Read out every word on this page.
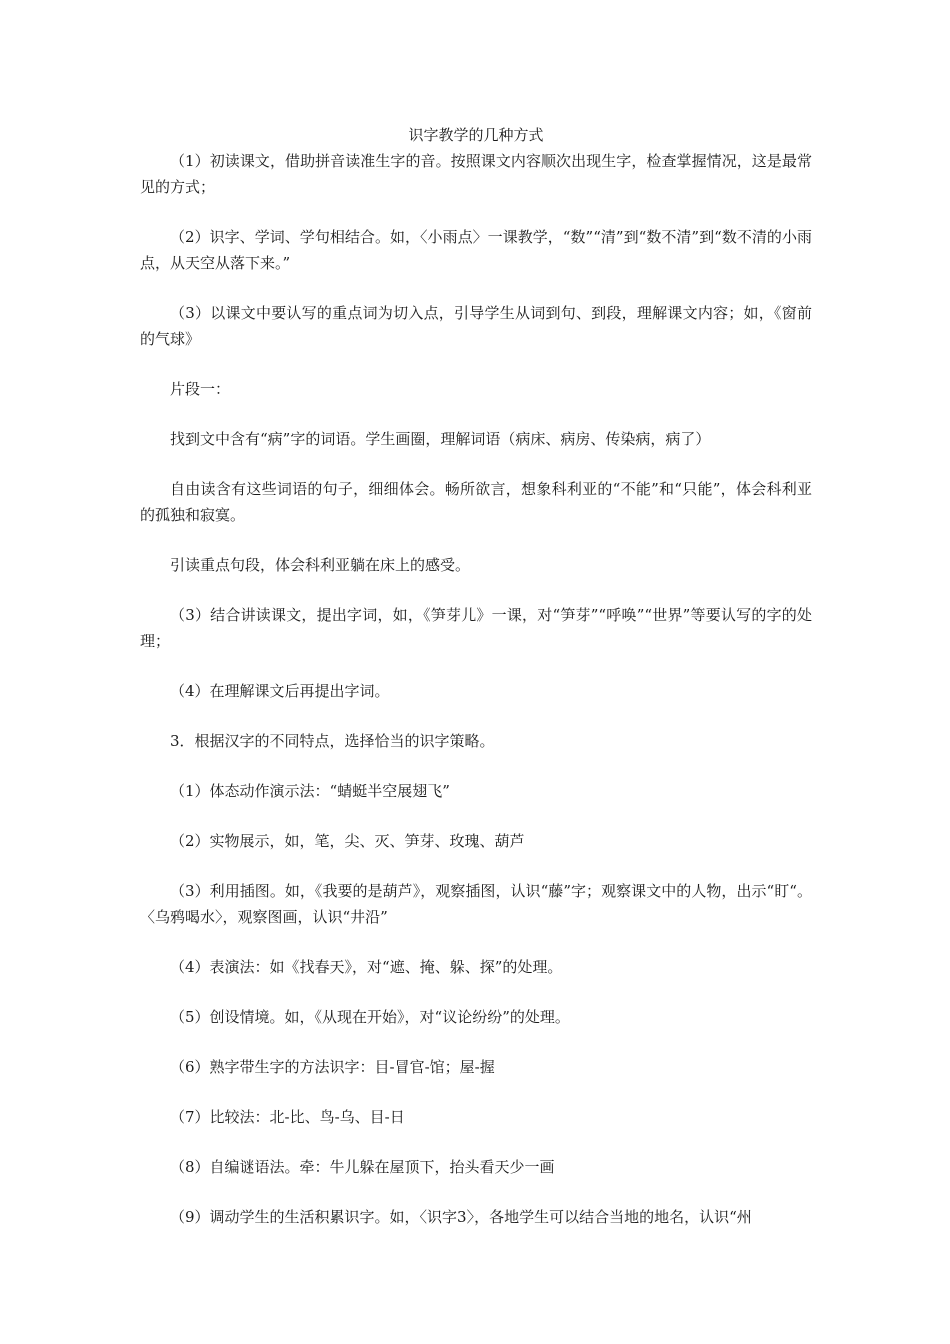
识字教学的几种方式

（1）初读课文，借助拼音读准生字的音。按照课文内容顺次出现生字，检查掌握情况，这是最常见的方式；

（2）识字、学词、学句相结合。如，〈小雨点〉一课教学，“数”“清”到“数不清”到“数不清的小雨点，从天空从落下来。”

（3）以课文中要认写的重点词为切入点，引导学生从词到句、到段，理解课文内容；如，《窗前的气球》

片段一：

找到文中含有“病”字的词语。学生画圈，理解词语（病床、病房、传染病，病了）

自由读含有这些词语的句子，细细体会。畅所欲言，想象科利亚的“不能”和“只能”，体会科利亚的孤独和寂寞。

引读重点句段，体会科利亚躺在床上的感受。

（3）结合讲读课文，提出字词，如，《笋芽儿》一课，对“笋芽”“呼唤”“世界”等要认写的字的处理；

（4）在理解课文后再提出字词。

3．根据汉字的不同特点，选择恰当的识字策略。

（1）体态动作演示法：“蜻蜓半空展翅飞”

（2）实物展示，如，笔，尖、灭、笋芽、玫瑰、葫芦

（3）利用插图。如，《我要的是葫芦》，观察插图，认识“藤”字；观察课文中的人物，出示“盯“。〈乌鸦喝水〉，观察图画，认识“井沿”

（4）表演法：如《找春天》，对“遮、掩、躲、探”的处理。

（5）创设情境。如，《从现在开始》，对“议论纷纷”的处理。

（6）熟字带生字的方法识字：目-冒官-馆；屋-握

（7）比较法：北-比、鸟-乌、目-日

（8）自编谜语法。牵：牛儿躲在屋顶下，抬头看天少一画

（9）调动学生的生活积累识字。如，〈识字3〉，各地学生可以结合当地的地名，认识“州
